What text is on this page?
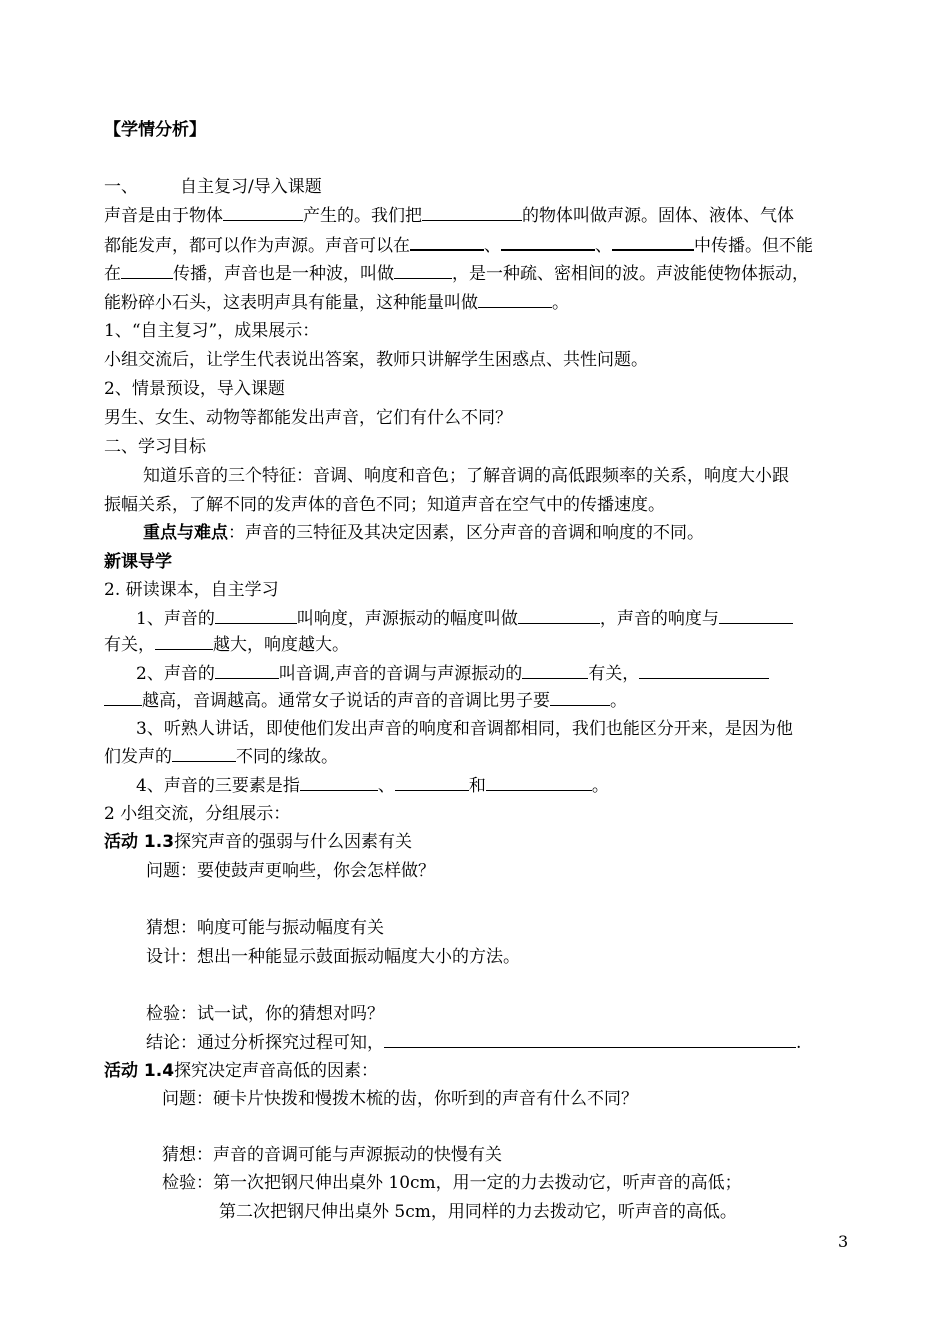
【学情分析】
一、 自主复习/导入课题
声音是由于物体	产生的。我们把	的物体叫做声源。固体、液体、气体
都能发声，都可以作为声源。声音可以在	、	、	中传播。但不能
在	传播，声音也是一种波，叫做	，是一种疏、密相间的波。声波能使物体振动，
能粉碎小石头，这表明声具有能量，这种能量叫做	。
1、“自主复习”，成果展示：
小组交流后，让学生代表说出答案，教师只讲解学生困惑点、共性问题。
2、情景预设，导入课题
男生、女生、动物等都能发出声音，它们有什么不同？
二、学习目标
知道乐音的三个特征：音调、响度和音色；了解音调的高低跟频率的关系，响度大小跟
振幅关系，了解不同的发声体的音色不同；知道声音在空气中的传播速度。
重点与难点：声音的三特征及其决定因素，区分声音的音调和响度的不同。
新课导学
2. 研读课本，自主学习
1、声音的	叫响度，声源振动的幅度叫做	，声音的响度与
有关，	越大，响度越大。
2、声音的	叫音调,声音的音调与声源振动的	有关，
越高，音调越高。通常女子说话的声音的音调比男子要	。
3、听熟人讲话，即使他们发出声音的响度和音调都相同，我们也能区分开来，是因为他
们发声的	不同的缘故。
4、声音的三要素是指	、	和	。
2 小组交流，分组展示：
活动 1.3探究声音的强弱与什么因素有关
问题：要使鼓声更响些，你会怎样做？
猜想：响度可能与振动幅度有关
设计：想出一种能显示鼓面振动幅度大小的方法。
检验：试一试，你的猜想对吗？
结论：通过分析探究过程可知，	.
活动 1.4探究决定声音高低的因素：
问题：硬卡片快拨和慢拨木梳的齿，你听到的声音有什么不同？
猜想：声音的音调可能与声源振动的快慢有关
检验：第一次把钢尺伸出桌外 10cm，用一定的力去拨动它，听声音的高低；
第二次把钢尺伸出桌外 5cm，用同样的力去拨动它，听声音的高低。
3
